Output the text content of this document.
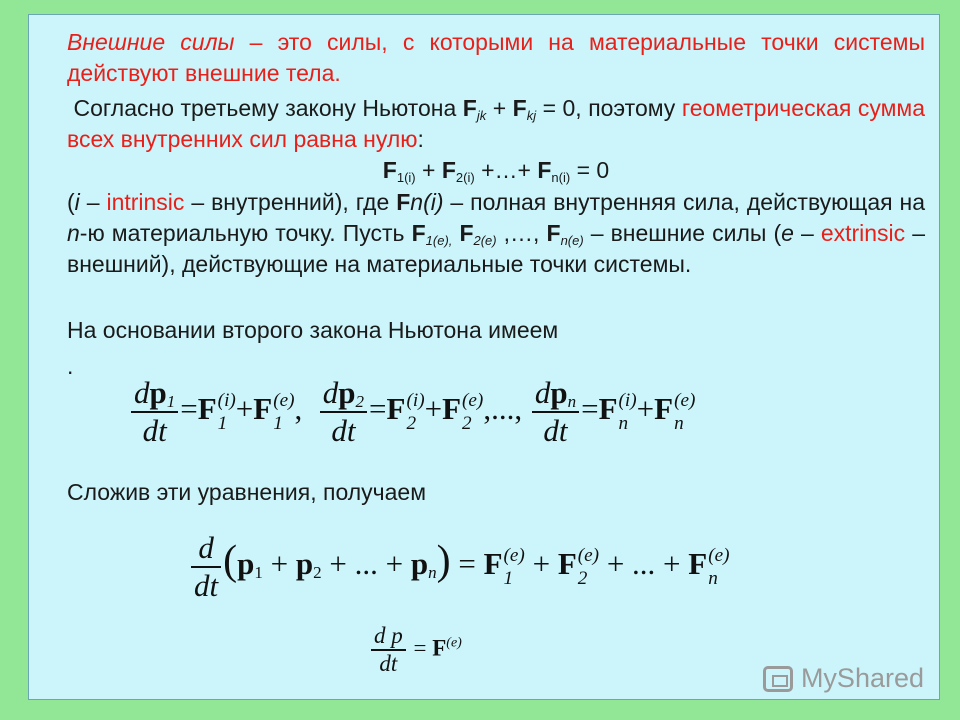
Внешние силы – это силы, с которыми на материальные точки системы действуют внешние тела.
Согласно третьему закону Ньютона $F_{jk} + F_{kj} = 0$, поэтому геометрическая сумма всех внутренних сил равна нулю:
$F_{1(i)} + F_{2(i)}$ +…+ $F_{n(i)} = 0$
(i – intrinsic – внутренний), где Fn(i) – полная внутренняя сила, действующая на n-ю материальную точку. Пусть $F_{1(e),}$ $F_{2(e)}$ ,…, $F_{n(e)}$ – внешние силы (e – extrinsic – внешний), действующие на материальные точки системы.
На основании второго закона Ньютона имеем
.
$\frac{dp_1}{dt} =F$ (i)
1 +F (e)
1 , $\frac{dp_2}{dt} =F$ (i)
2 +F (e)
2 ,..., $\frac{dp_n}{dt} =F$ (i)
n +F (e)
n
Сложив эти уравнения, получаем
$\frac{d}{dt} (p_1 + p_2$ + ... + $p_n) = F$ (e)
1 + F (e)
2 + ... + F (e)
n
$\frac{\text{d p}}{dt} = F^{(e)}$
MyShared
